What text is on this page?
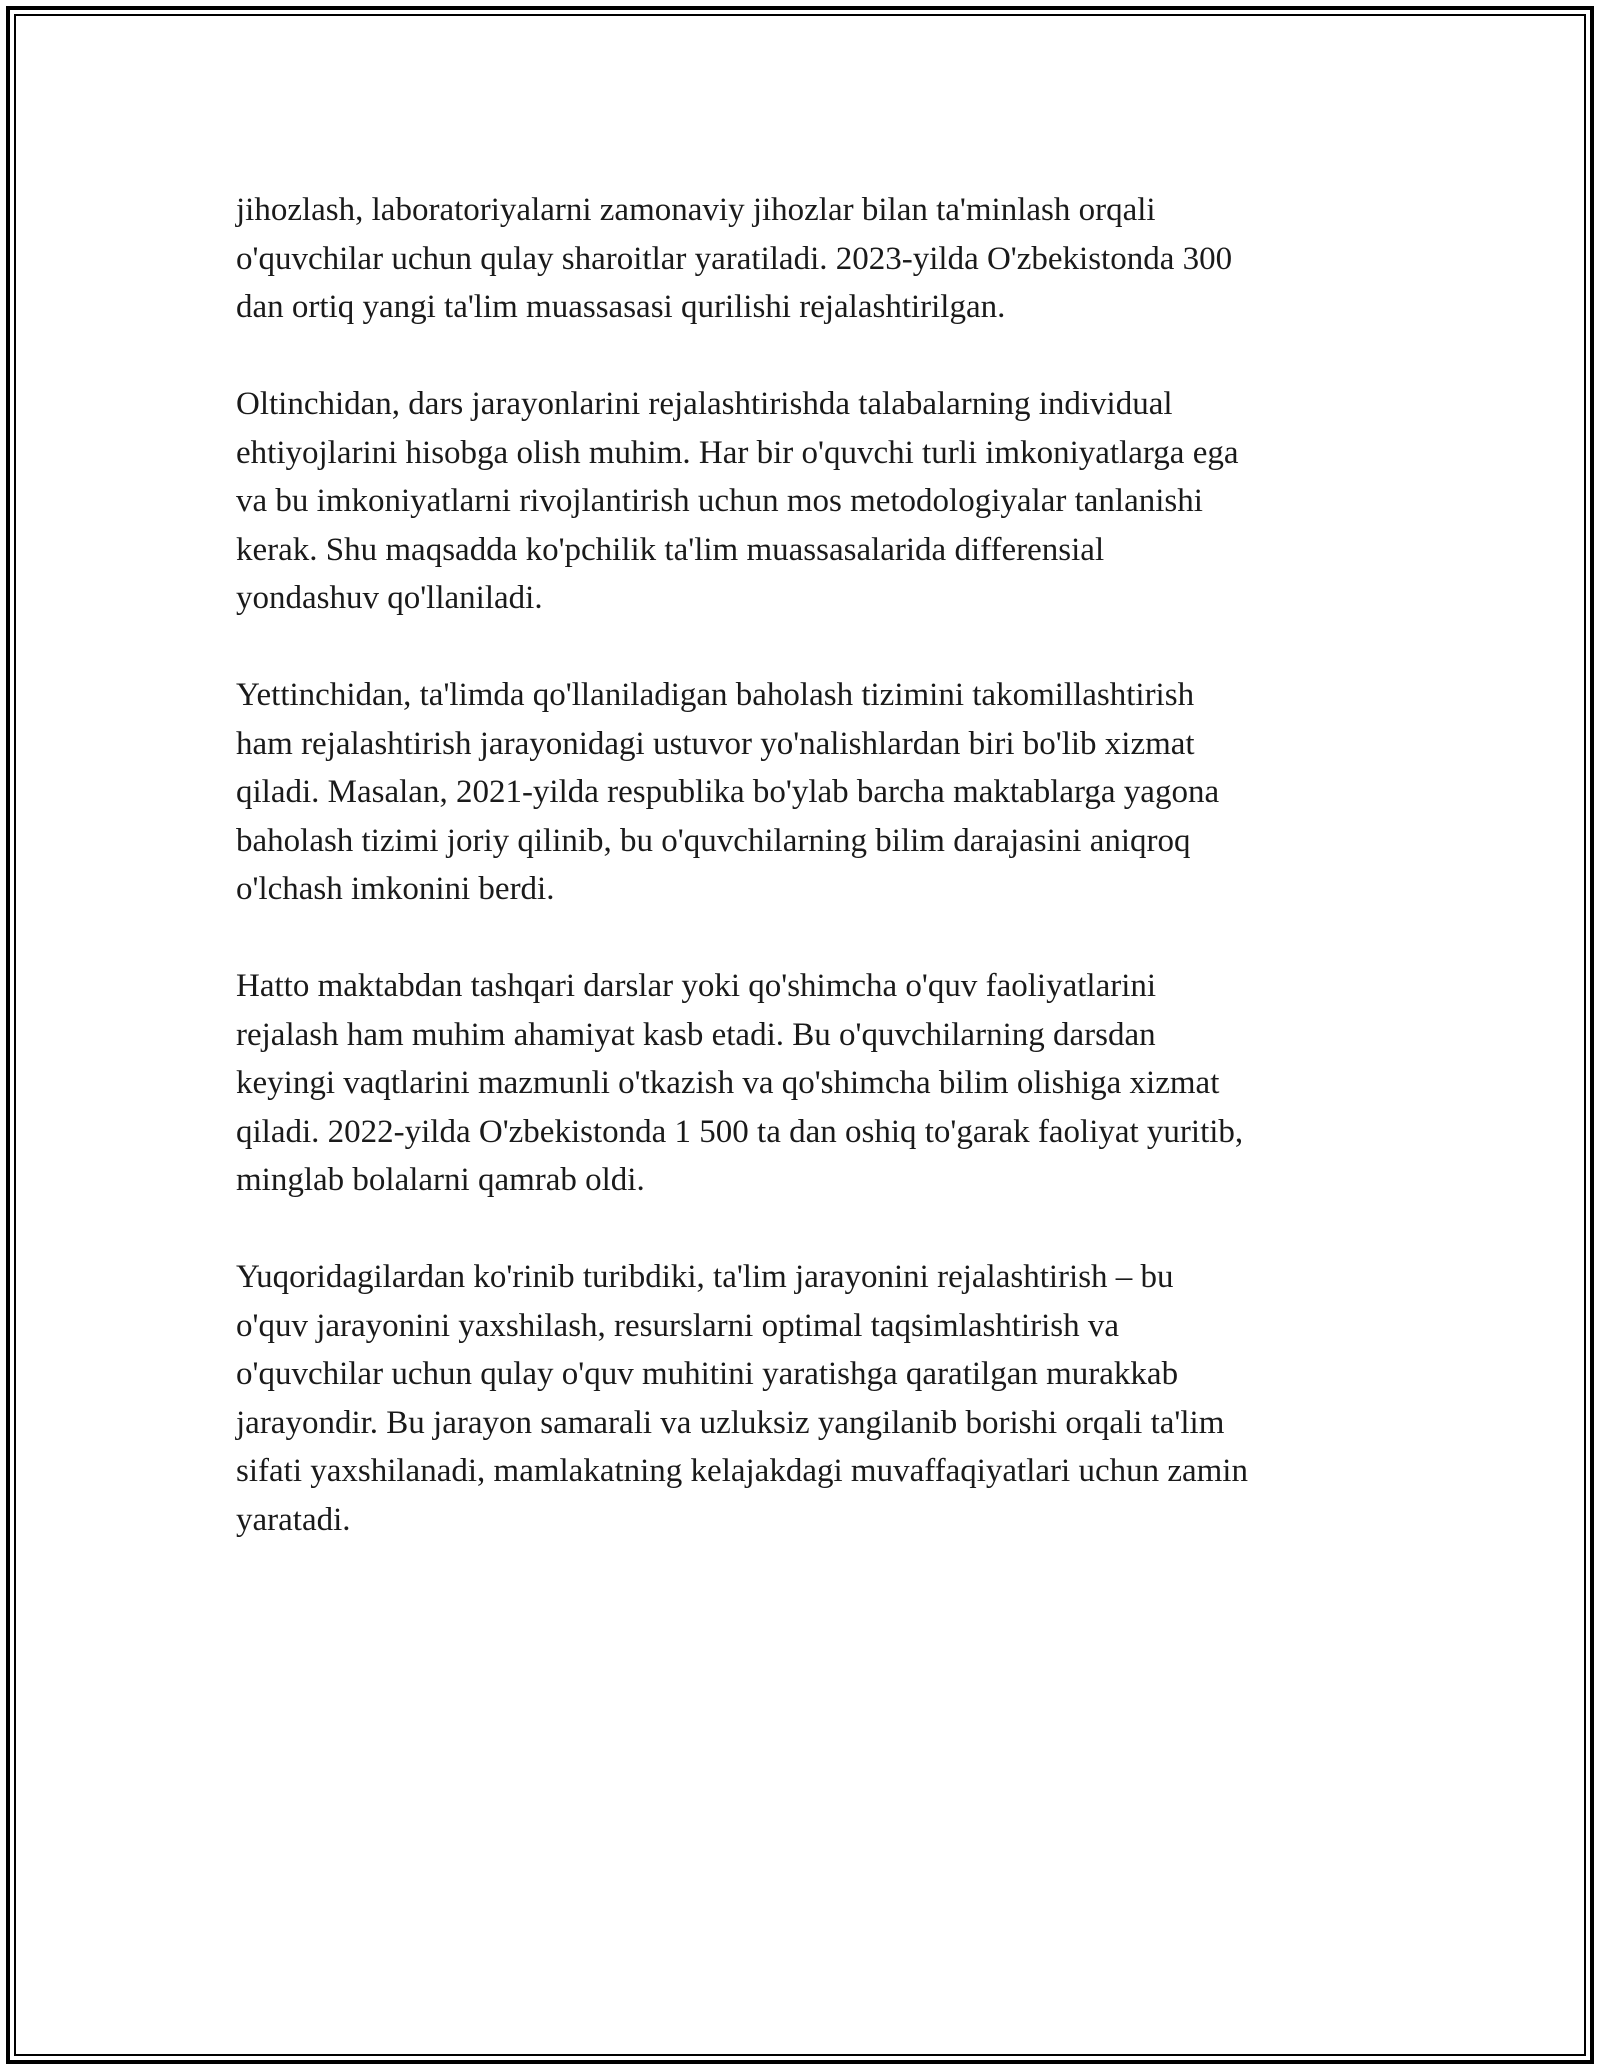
jihozlash, laboratoriyalarni zamonaviy jihozlar bilan ta'minlash orqali
o'quvchilar uchun qulay sharoitlar yaratiladi. 2023-yilda O'zbekistonda 300
dan ortiq yangi ta'lim muassasasi qurilishi rejalashtirilgan.

Oltinchidan, dars jarayonlarini rejalashtirishda talabalarning individual
ehtiyojlarini hisobga olish muhim. Har bir o'quvchi turli imkoniyatlarga ega
va bu imkoniyatlarni rivojlantirish uchun mos metodologiyalar tanlanishi
kerak. Shu maqsadda ko'pchilik ta'lim muassasalarida differensial
yondashuv qo'llaniladi.

Yettinchidan, ta'limda qo'llaniladigan baholash tizimini takomillashtirish
ham rejalashtirish jarayonidagi ustuvor yo'nalishlardan biri bo'lib xizmat
qiladi. Masalan, 2021-yilda respublika bo'ylab barcha maktablarga yagona
baholash tizimi joriy qilinib, bu o'quvchilarning bilim darajasini aniqroq
o'lchash imkonini berdi.

Hatto maktabdan tashqari darslar yoki qo'shimcha o'quv faoliyatlarini
rejalash ham muhim ahamiyat kasb etadi. Bu o'quvchilarning darsdan
keyingi vaqtlarini mazmunli o'tkazish va qo'shimcha bilim olishiga xizmat
qiladi. 2022-yilda O'zbekistonda 1 500 ta dan oshiq to'garak faoliyat yuritib,
minglab bolalarni qamrab oldi.

Yuqoridagilardan ko'rinib turibdiki, ta'lim jarayonini rejalashtirish – bu
o'quv jarayonini yaxshilash, resurslarni optimal taqsimlashtirish va
o'quvchilar uchun qulay o'quv muhitini yaratishga qaratilgan murakkab
jarayondir. Bu jarayon samarali va uzluksiz yangilanib borishi orqali ta'lim
sifati yaxshilanadi, mamlakatning kelajakdagi muvaffaqiyatlari uchun zamin
yaratadi.
